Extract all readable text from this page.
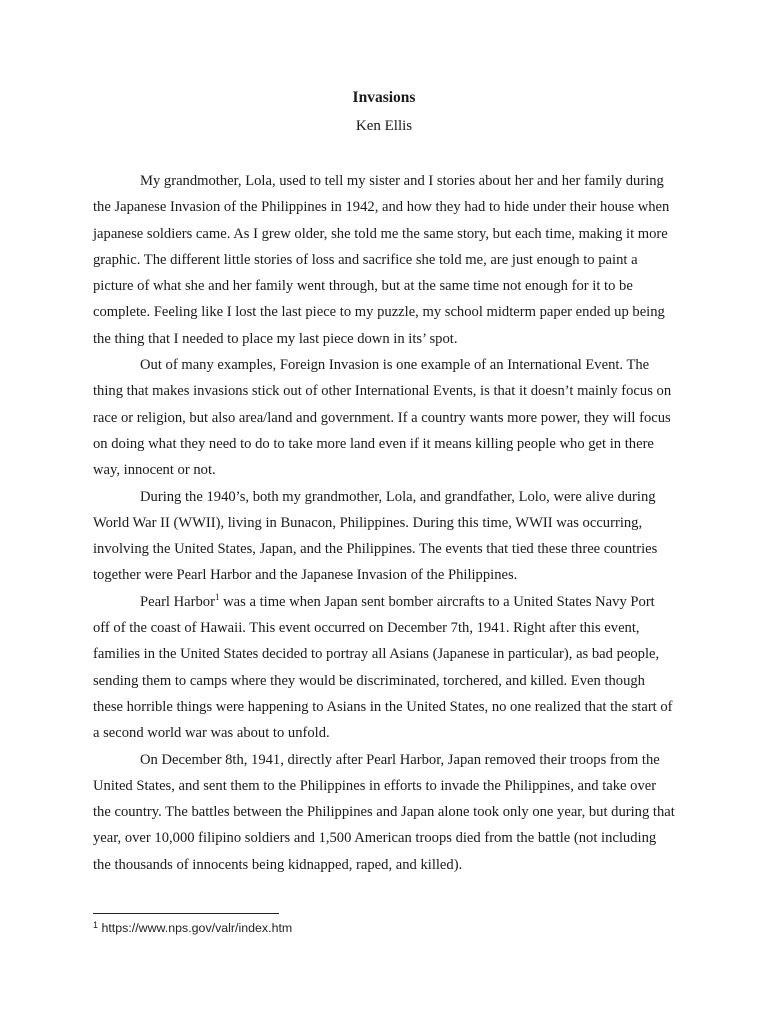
Invasions
Ken Ellis

My grandmother, Lola, used to tell my sister and I stories about her and her family during the Japanese Invasion of the Philippines in 1942, and how they had to hide under their house when japanese soldiers came. As I grew older, she told me the same story, but each time, making it more graphic. The different little stories of loss and sacrifice she told me, are just enough to paint a picture of what she and her family went through, but at the same time not enough for it to be complete. Feeling like I lost the last piece to my puzzle, my school midterm paper ended up being the thing that I needed to place my last piece down in its’ spot.

Out of many examples, Foreign Invasion is one example of an International Event. The thing that makes invasions stick out of other International Events, is that it doesn’t mainly focus on race or religion, but also area/land and government. If a country wants more power, they will focus on doing what they need to do to take more land even if it means killing people who get in there way, innocent or not.

During the 1940’s, both my grandmother, Lola, and grandfather, Lolo, were alive during World War II (WWII), living in Bunacon, Philippines. During this time, WWII was occurring, involving the United States, Japan, and the Philippines. The events that tied these three countries together were Pearl Harbor and the Japanese Invasion of the Philippines.

Pearl Harbor$^1$ was a time when Japan sent bomber aircrafts to a United States Navy Port off of the coast of Hawaii. This event occurred on December 7th, 1941. Right after this event, families in the United States decided to portray all Asians (Japanese in particular), as bad people, sending them to camps where they would be discriminated, torchered, and killed. Even though these horrible things were happening to Asians in the United States, no one realized that the start of a second world war was about to unfold.

On December 8th, 1941, directly after Pearl Harbor, Japan removed their troops from the United States, and sent them to the Philippines in efforts to invade the Philippines, and take over the country. The battles between the Philippines and Japan alone took only one year, but during that year, over 10,000 filipino soldiers and 1,500 American troops died from the battle (not including the thousands of innocents being kidnapped, raped, and killed).

$^1$ https://www.nps.gov/valr/index.htm
